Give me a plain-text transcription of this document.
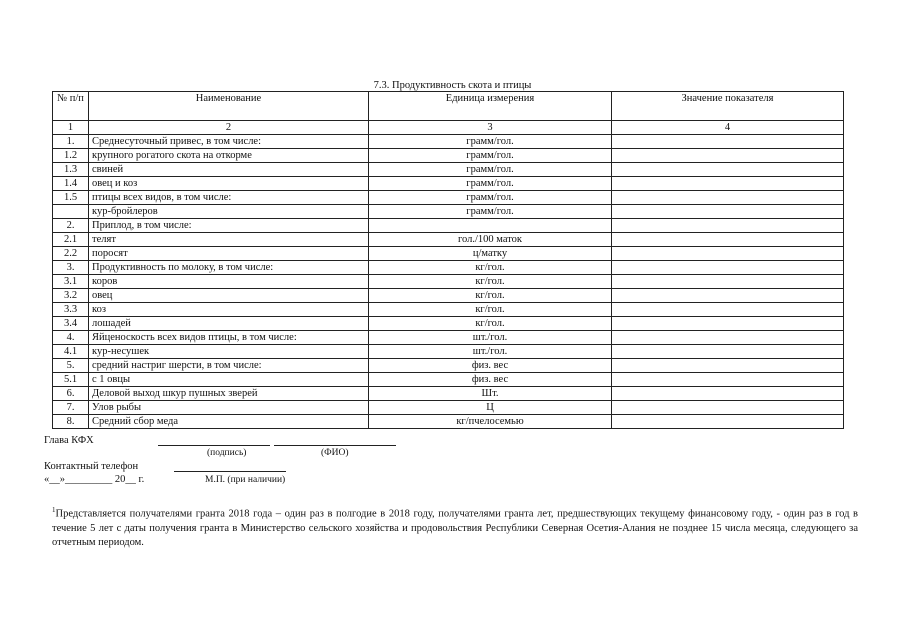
7.3. Продуктивность скота и птицы
№ п/п	Наименование	Единица измерения	Значение показателя
1	2	3	4
1.	Среднесуточный привес, в том числе:	грамм/гол.	
1.2	крупного рогатого скота на откорме	грамм/гол.	
1.3	свиней	грамм/гол.	
1.4	овец и коз	грамм/гол.	
1.5	птицы всех видов, в том числе:	грамм/гол.	
	кур-бройлеров	грамм/гол.	
2.	Приплод, в том числе:		
2.1	телят	гол./100 маток	
2.2	поросят	ц/матку	
3.	Продуктивность по молоку, в том числе:	кг/гол.	
3.1	коров	кг/гол.	
3.2	овец	кг/гол.	
3.3	коз	кг/гол.	
3.4	лошадей	кг/гол.	
4.	Яйценоскость всех видов птицы, в том числе:	шт./гол.	
4.1	кур-несушек	шт./гол.	
5.	средний настриг шерсти, в том числе:	физ. вес	
5.1	с 1 овцы	физ. вес	
6.	Деловой выход шкур пушных зверей	Шт.	
7.	Улов рыбы	Ц	
8.	Средний сбор меда	кг/пчелосемью	
Глава КФХ
(подпись)	(ФИО)
Контактный телефон
«__»_________ 20__ г.	М.П. (при наличии)
$^1$Представляется получателями гранта 2018 года – один раз в полгодие в 2018 году, получателями гранта лет, предшествующих текущему финансовому году, - один раз в год в течение 5 лет с даты получения гранта в Министерство сельского хозяйства и продовольствия Республики Северная Осетия-Алания не позднее 15 числа месяца, следующего за отчетным периодом.
